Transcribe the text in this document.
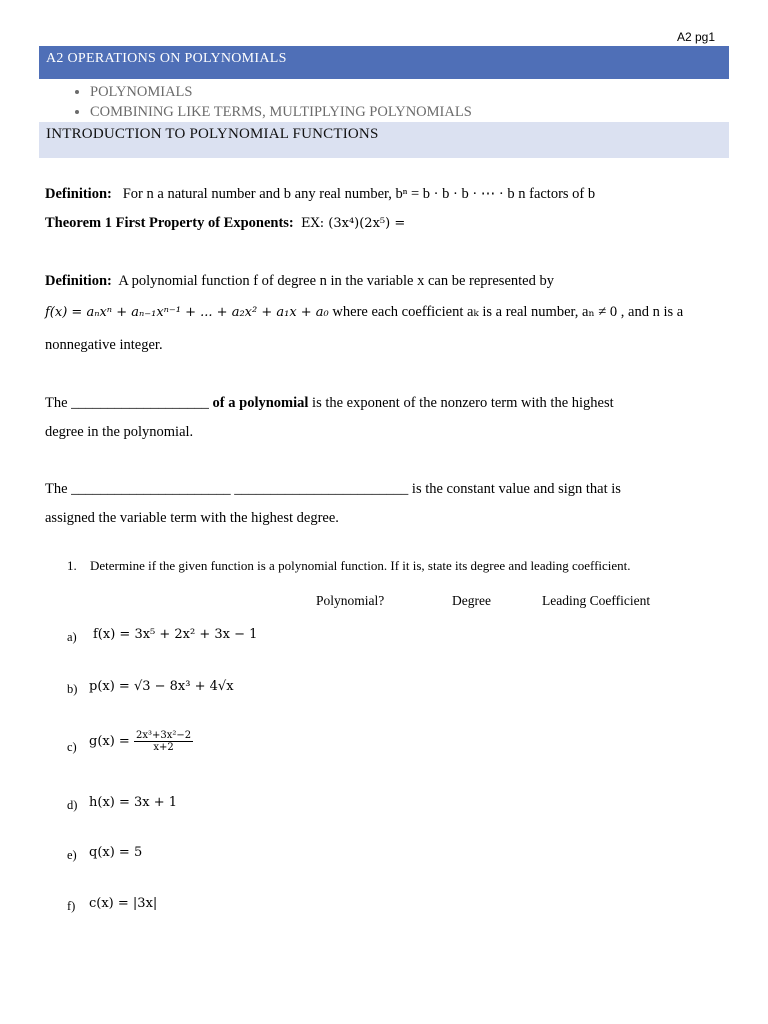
A2 pg1
A2 OPERATIONS ON POLYNOMIALS
• POLYNOMIALS
• COMBINING LIKE TERMS, MULTIPLYING POLYNOMIALS
INTRODUCTION TO POLYNOMIAL FUNCTIONS
Definition: For n a natural number and b any real number, bⁿ = b · b · b · ⋯ · b n factors of b
Theorem 1 First Property of Exponents: EX: (3x⁴)(2x⁵) =
Definition: A polynomial function f of degree n in the variable x can be represented by
f(x) = aₙxⁿ + aₙ₋₁xⁿ⁻¹ + ... + a₂x² + a₁x + a₀ where each coefficient aₖ is a real number, aₙ ≠ 0 , and n is a
nonnegative integer.
The ___________________ of a polynomial is the exponent of the nonzero term with the highest
degree in the polynomial.
The ______________________ ________________________ is the constant value and sign that is
assigned the variable term with the highest degree.
1. Determine if the given function is a polynomial function. If it is, state its degree and leading coefficient.
Polynomial?	Degree	Leading Coefficient
a) f(x) = 3x⁵ + 2x² + 3x − 1
b) p(x) = √3 − 8x³ + 4√x
c) $g(x) = \frac{\text{2x³+3x²−2}}{x+2}$
d) h(x) = 3x + 1
e) q(x) = 5
f) c(x) = |3x|
